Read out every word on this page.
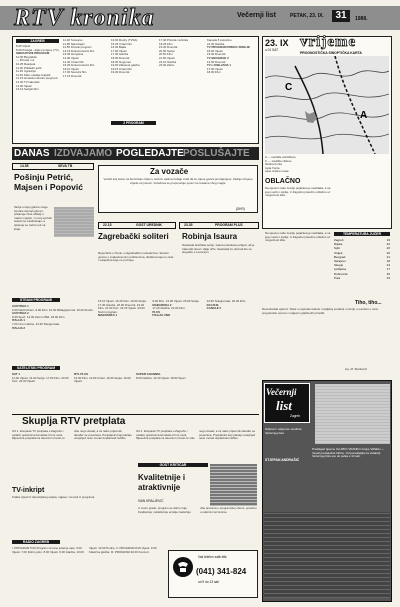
RTV kronika	Večernji list	PETAK, 23. IX.	31	1988.
ZAGREB
8.25 Vijesti
8.30 Pristiga - dijas pa djece (TV)
OBRAZOVNI PROGRAM
10.00 Biografski
— Priroda i mi
10.25 Rasvjeta
11.00 Prikladni jezik
11.25 Ugradnja
11.45 Kako nastaje krajolik
12.15 Hrvatski narodni preporod
12.30 TV kalendar
13.00 Vijesti
13.10 Serijski film
11.30 Tezaurus
11.35 Narodnjaci
11.55 Filmski program
12.15 Dokumentarni film
13.30 Hit tjedna
14.00 Vijesti
14.40 Crtani film
15.25 Dokumentarni film
16.10 Vijesti
17.00 Narodni film
17.15 Dnevnik
2 PROGRAM
16.00 Rocky (TVSA)
16.25 Crtani film
16.30 Bajke
17.00 Vijesti
17.30 Glazba
18.00 Dnevnik
18.30 Nogomet
19.00 Zabavna glazba
19.15 Crtani film
19.30 Dnevnik
17.40 Priroda i tehnika
18.25 Film
19.30 Dnevnik
20.00 Serija
20.50 Film
21.50 Vijesti
22.10 Glazba
23.00 Zatim
Kanada 5 potrebno
21.30 Glazba
TV PROGRAM PREKO ZEMLJE
18.00 Vijesti
19.00 Dnevnik
TV BEOGRAD 2
14.00 Dnevnik
TV LJUBLJANA 1
17.30 Vijesti
18.00 Film
23. IX vrijeme
u 01 SAT
PROGNOSTIČKA SINOPTIČKA KARTA
C
A
A — središte anticiklone
C — središte ciklone
hladna fronta
topla fronta
tople zračne mase
OBLAČNO
Na sjeveru naše zemlje pojačana je naoblaka, a na jugu vedro i toplije. U Zagrebu pretežno oblačno uz mogućnost kiše.
TEMPERATURA JUČER
Zagreb	19
Rijeka	22
Split	26
Osijek	20
Beograd	21
Sarajevo	18
Skopje	24
Ljubljana	17
Dubrovnik	25
Pula	23
Na sjeveru naše zemlje pojačana je naoblaka, a na jugu vedro i toplije. U Zagrebu pretežno oblačno uz mogućnost kiše.
Tiho, tiho...
Demokratski vjetrovi: Tekst o napretku kulture i radijskoj suradnji u zemlji, s uvodom u novu programsku sezonu i najavom glazbenih priredbi.
ing. M. Stanković
DANAS IZDVAJAMO POGLEDAJTE POSLUŠAJTE
14.55	SEVA TB
Pošinju Petrić, Majsen i Popović
Serija u kojoj glavne uloge tumače domaći glumci, prikazuje život obitelji u malom mjestu. U ovoj epizodi sukobi se zaoštravaju, a rješenje se nazire tek na kraju.
Za vozače
Vozači koji stanu na benzinsku crpku u noćnim satima trebaju znati da su cijene goriva promijenjene. Zadnje izmjene vrijede od ponoći. Vozačima se preporučuje oprez na cestama zbog magle.
(DKR)
22.15	GOST UREDNIK
Zagrebački soliteri
Reportaža o životu u zagrebačkim neboderima. Stanari govore o svakodnevnim problemima, dizalima koja ne rade i susjedima koje ne poznaju.
23.35	PROGRAM PLUS
Robinja Isaura
Nastavak brazilske serije. Isaura pokušava pobjeći, ali je zakonski okovi i dalje drže. Gledatelji će doznati što se dogodilo s Leonciom.
STRANI PROGRAMI
AUSTRIJA 1
6.00 Nachrichten. 9.00 Film. 12.00 Mittagsjournal. 16.00 Kinder.
AUSTRIJA 2
9.30 Sport. 13.00 Zeit im Bild. 18.00 Film.
ITALIJA 1
7.00 Uno mattina. 13.30 Telegiornale.
ITALIJA 2
SATELITSKI PROGRAM
SAT 1
11.00 Vijesti. 14.00 Serija. 17.00 Film. 20.00 Kviz. 22.00 Vijesti.
RTL PLUS
10.00 Film. 13.00 Crtani. 16.00 Serija. 19.00 Vijesti.
SUPER CHANNEL
8.00 Glazba. 12.00 Vijesti. 18.00 Sport.
15.10 Vijesti. 15.20 Film. 16.00 Serija. 17.30 Glazba. 18.00 Dnevnik. 19.30 Film. 21.00 Kviz. 22.15 Vijesti. 23.00 Noćni program.
MAĐARSKA 1
9.00 Film. 13.00 Vijesti. 20.00 Serija.
MAĐARSKA 2
17.00 Glazba. 21.00 Film.
PLUS
ITALIJA UNO
13.30 Telegiornale. 20.30 Film.
RAI DUE
CANALE 5
Skuplja RTV pretplata
Od 1. listopada TV pretplata u Zagrebu i ostalim gradovima Hrvatske bit će veća. Mjesečna pretplata za televizor iznosit će više nego dosad, a za radio prijemnik također se povećava. Pretplatnici koji plaćaju unaprijed neće morati doplaćivati razliku.
Od 1. listopada TV pretplata u Zagrebu i ostalim gradovima Hrvatske bit će veća. Mjesečna pretplata za televizor iznosit će više nego dosad, a za radio prijemnik također se povećava. Pretplatnici koji plaćaju unaprijed neće morati doplaćivati razliku.
TV-inkript
Kratke vijesti iz televizijskog svijeta, najave i novosti iz programa.
GOST KRITIČAR
Kvalitetnije i atraktivnije
IVAN KRALJEVIĆ
U ovom gradu, program se dobro čuje. Kvalitetnije i atraktivnije emisije zaslužuju više prostora u programskoj shemi, posebno u udarnim terminima.
RADIO ZAGREB
I. PROGRAM 5.00 Program za rane jutarnje sate. 6.00 Vijesti. 7.00 Dobro jutro. 8.00 Vijesti. 9.00 Glazba. 10.00 Vijesti. 12.00 Podne. II. PROGRAM 8.00 Vijesti. 9.00 Klasična glazba. III. PROGRAM 20.00 Koncert.
Vaš telefon zalik:blik
(041) 341-824
od 9 do 13 sati
Večernji
list
Zagreb
Odazovi i odgovore urednice Večernjeg lista
STJEPAN ANDRAŠIĆ
Predlagač pjesme KLUPKO VRANKO Grupe VESELI — Veseli predsjednik tribine. Od ponedjeljka na redakciji Večernjeg lista sve do petka u 13 sati.
